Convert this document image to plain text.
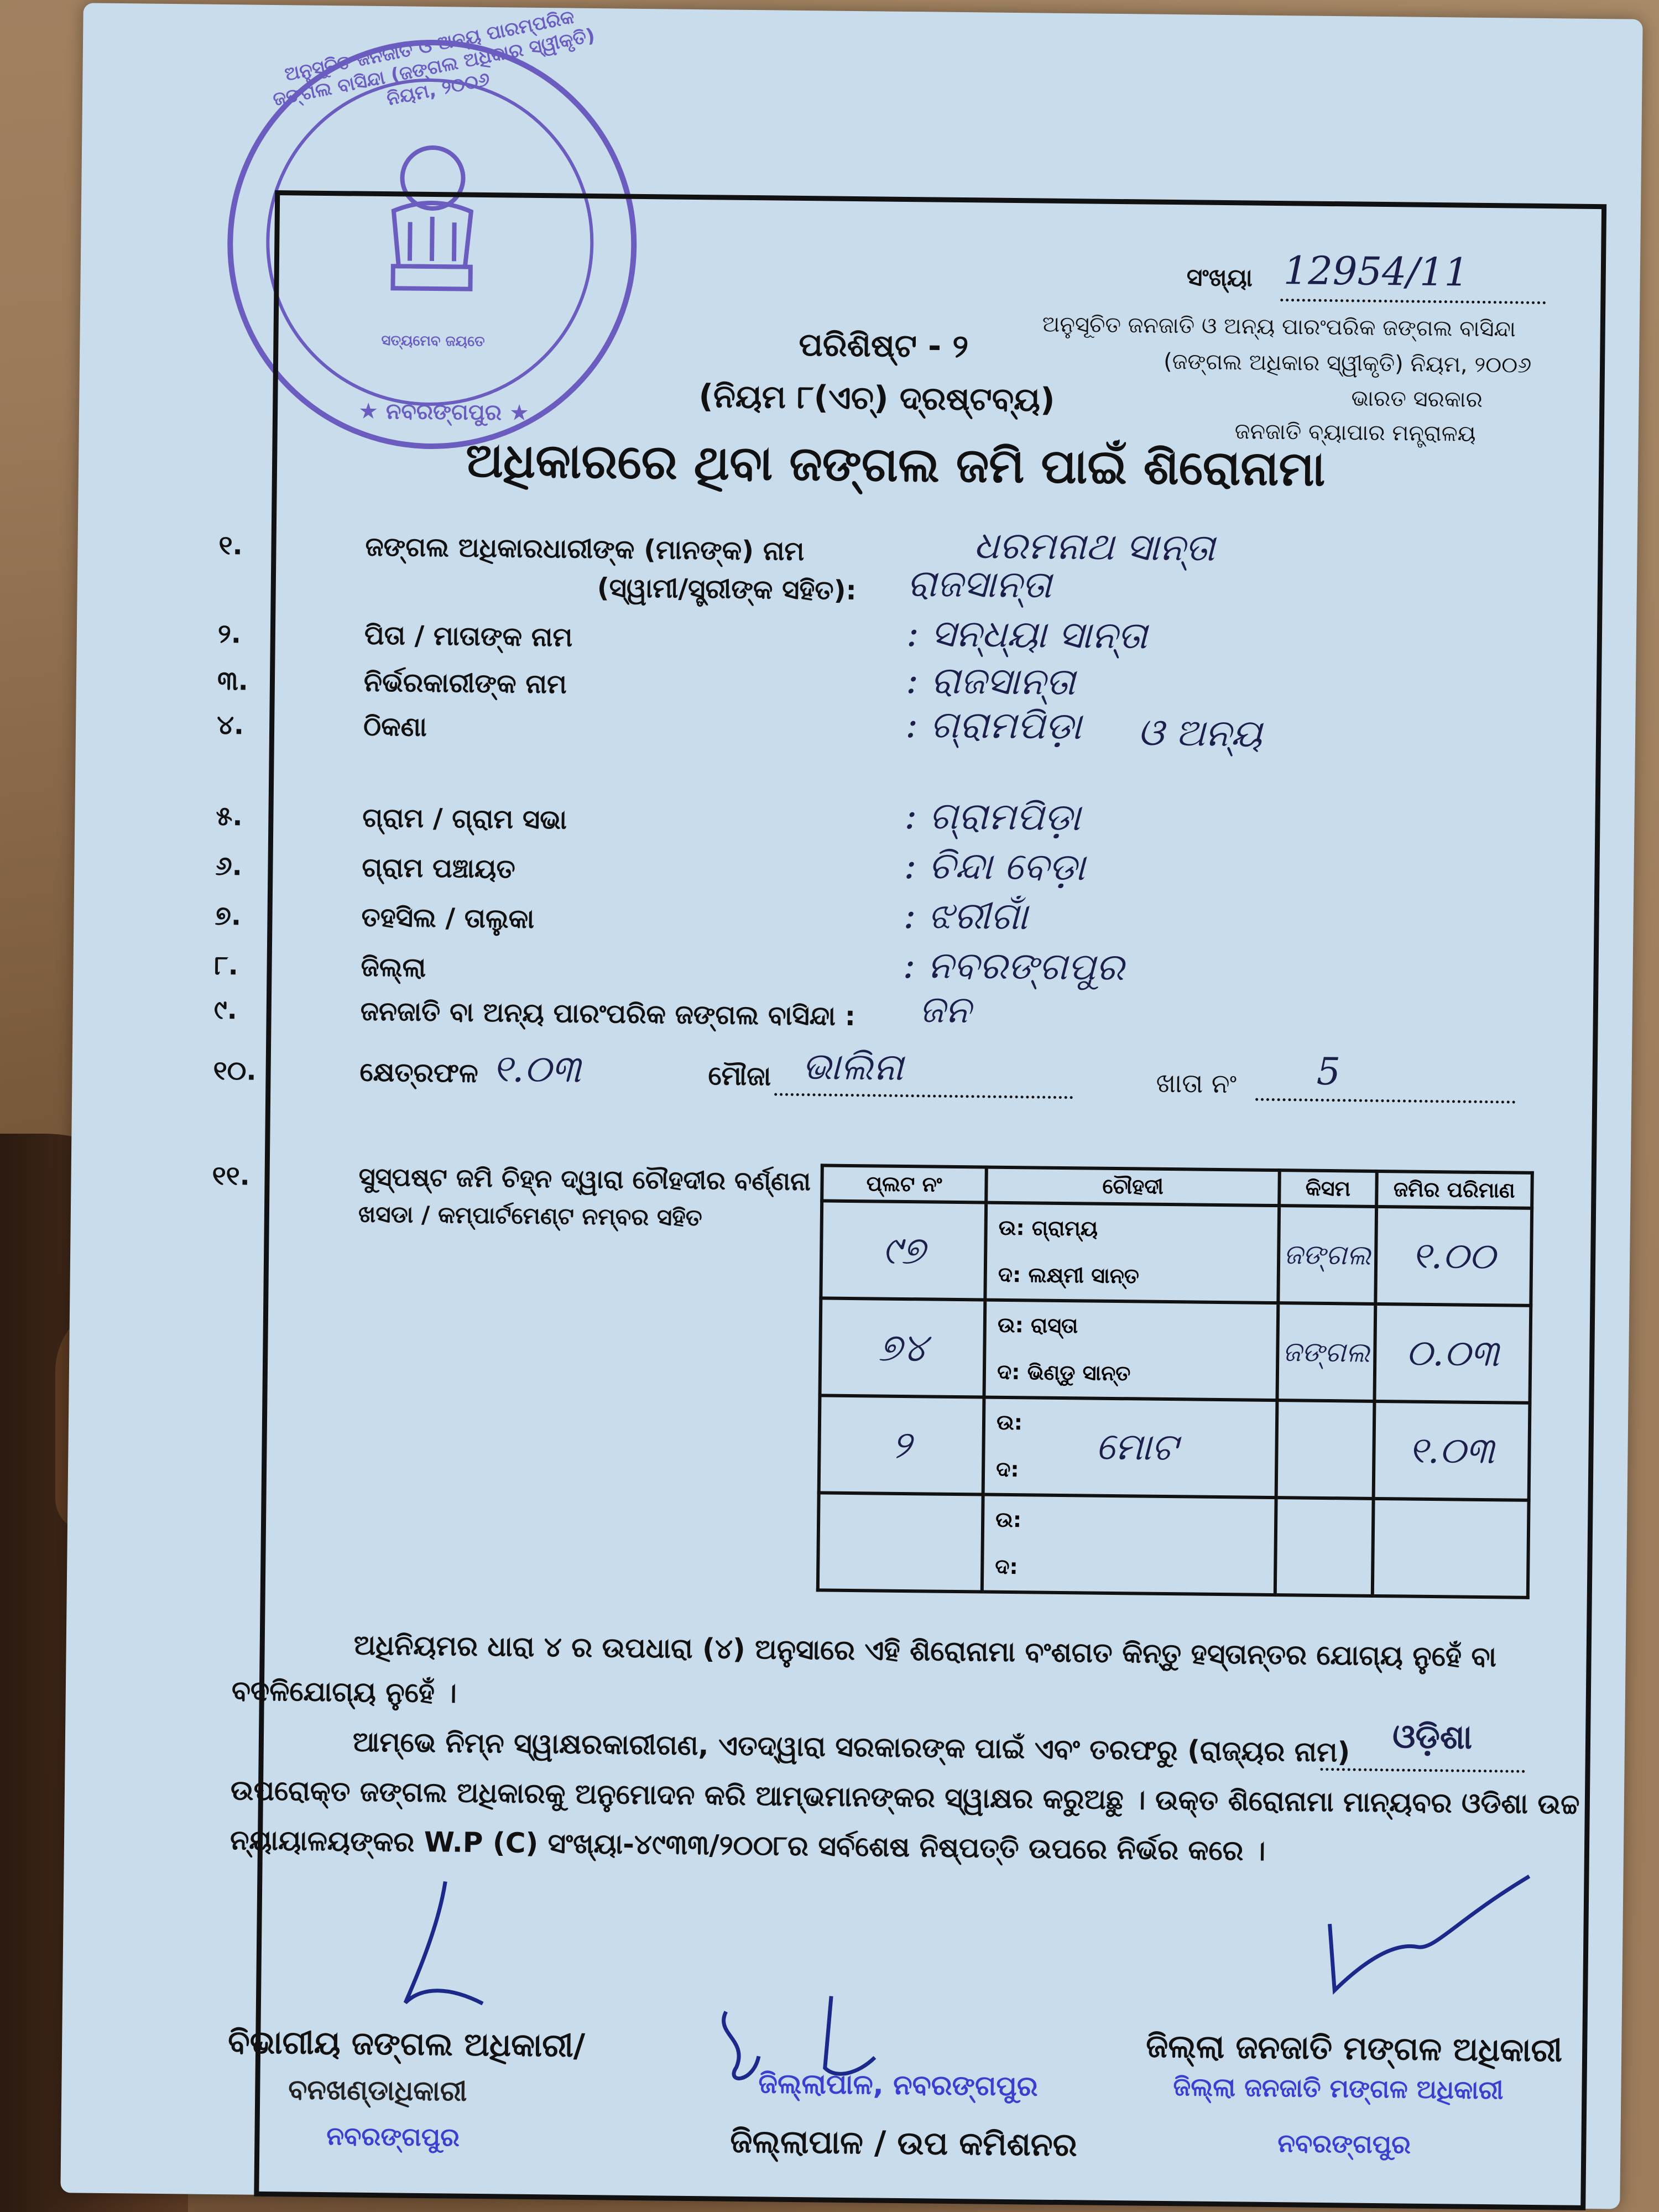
ସତ୍ୟମେବ ଜୟତେ
ଅନୁସୂଚିତ ଜନଜାତି ଓ ଅନ୍ୟ ପାରମ୍ପରିକ ଜଙ୍ଗଲ ବାସିନ୍ଦା (ଜଙ୍ଗଲ ଅଧିକାର ସ୍ୱୀକୃତି) ନିୟମ, ୨୦୦୬
★ ନବରଙ୍ଗପୁର ★
ସଂଖ୍ୟା 12954/11
ଅନୁସୂଚିତ ଜନଜାତି ଓ ଅନ୍ୟ ପାରଂପରିକ ଜଙ୍ଗଲ ବାସିନ୍ଦା
(ଜଙ୍ଗଲ ଅଧିକାର ସ୍ୱୀକୃତି) ନିୟମ, ୨୦୦୬
ଭାରତ ସରକାର
ଜନଜାତି ବ୍ୟାପାର ମନ୍ତ୍ରାଳୟ
ପରିଶିଷ୍ଟ - ୨
(ନିୟମ ୮(ଏଚ୍) ଦ୍ରଷ୍ଟବ୍ୟ)
ଅଧିକାରରେ ଥିବା ଜଙ୍ଗଲ ଜମି ପାଇଁ ଶିରୋନାମା
୧.	ଜଙ୍ଗଲ ଅଧିକାରଧାରୀଙ୍କ (ମାନଙ୍କ) ନାମ	ଧରମନାଥ ସାନ୍ତା
(ସ୍ୱାମୀ/ସ୍ତ୍ରୀଙ୍କ ସହିତ): ରାଜସାନ୍ତା
୨.	ପିତା / ମାତାଙ୍କ ନାମ	: ସନ୍ଧ୍ୟା ସାନ୍ତା
୩.	ନିର୍ଭରକାରୀଙ୍କ ନାମ	: ରାଜସାନ୍ତା
୪.	ଠିକଣା	: ଗ୍ରାମପିଡ଼ା
୫.	ଗ୍ରାମ / ଗ୍ରାମ ସଭା	: ଗ୍ରାମପିଡ଼ା
୬.	ଗ୍ରାମ ପଞ୍ଚାୟତ	: ଚିନ୍ଦା ବେଡ଼ା
୭.	ତହସିଲ / ତାଲୁକା	: ଝରୀଗାଁ
୮.	ଜିଲ୍ଲା	: ନବରଙ୍ଗପୁର
୯.	ଜନଜାତି ବା ଅନ୍ୟ ପାରଂପରିକ ଜଙ୍ଗଲ ବାସିନ୍ଦା : ଜନ
ଓ ଅନ୍ୟ
୧୦.	କ୍ଷେତ୍ରଫଳ ୧.୦୩	ମୌଜା ଭାଲିନା	ଖାତା ନଂ 5
୧୧.	ସୁସ୍ପଷ୍ଟ ଜମି ଚିହ୍ନ ଦ୍ୱାରା ଚୌହଦୀର ବର୍ଣ୍ଣନା
ଖସଡା / କମ୍ପାର୍ଟମେଣ୍ଟ ନମ୍ବର ସହିତ
ପ୍ଲଟ ନଂ	ଚୌହଦୀ	କିସମ	ଜମିର ପରିମାଣ

୯୭	ଉ: ଗ୍ରାମ୍ୟ
ଦ: ଲକ୍ଷ୍ମୀ ସାନ୍ତ	ଜଙ୍ଗଲ	୧.୦୦

୭୪	ଉ: ରାସ୍ତା
ଦ: ଭିଣ୍ଡୁ ସାନ୍ତ	ଜଙ୍ଗଲ	୦.୦୩

୨	ଉ:
ମୋଟ
ଦ:		୧.୦୩

	ଉ:
ଦ:		

ଅଧିନିୟମର ଧାରା ୪ ର ଉପଧାରା (୪) ଅନୁସାରେ ଏହି ଶିରୋନାମା ବଂଶଗତ କିନ୍ତୁ ହସ୍ତାନ୍ତର ଯୋଗ୍ୟ ନୁହେଁ ବା
ବଦଳିଯୋଗ୍ୟ ନୁହେଁ ।
ଆମ୍ଭେ ନିମ୍ନ ସ୍ୱାକ୍ଷରକାରୀଗଣ, ଏତଦ୍ୱାରା ସରକାରଙ୍କ ପାଇଁ ଏବଂ ତରଫରୁ (ରାଜ୍ୟର ନାମ) ଓଡ଼ିଶା
ଉପରୋକ୍ତ ଜଙ୍ଗଲ ଅଧିକାରକୁ ଅନୁମୋଦନ କରି ଆମ୍ଭମାନଙ୍କର ସ୍ୱାକ୍ଷର କରୁଅଛୁ । ଉକ୍ତ ଶିରୋନାମା ମାନ୍ୟବର ଓଡିଶା ଉଚ୍ଚ
ନ୍ୟାୟାଳୟଙ୍କର W.P (C) ସଂଖ୍ୟା-୪୯୩୩/୨୦୦୮ର ସର୍ବଶେଷ ନିଷ୍ପତ୍ତି ଉପରେ ନିର୍ଭର କରେ ।
ବିଭାଗୀୟ ଜଙ୍ଗଲ ଅଧିକାରୀ/
ବନଖଣ୍ଡାଧିକାରୀ
ନବରଙ୍ଗପୁର
ଜିଲ୍ଲାପାଳ, ନବରଙ୍ଗପୁର
ଜିଲ୍ଲାପାଳ / ଉପ କମିଶନର
ଜିଲ୍ଲା ଜନଜାତି ମଙ୍ଗଳ ଅଧିକାରୀ
ଜିଲ୍ଲା ଜନଜାତି ମଙ୍ଗଳ ଅଧିକାରୀ
ନବରଙ୍ଗପୁର
